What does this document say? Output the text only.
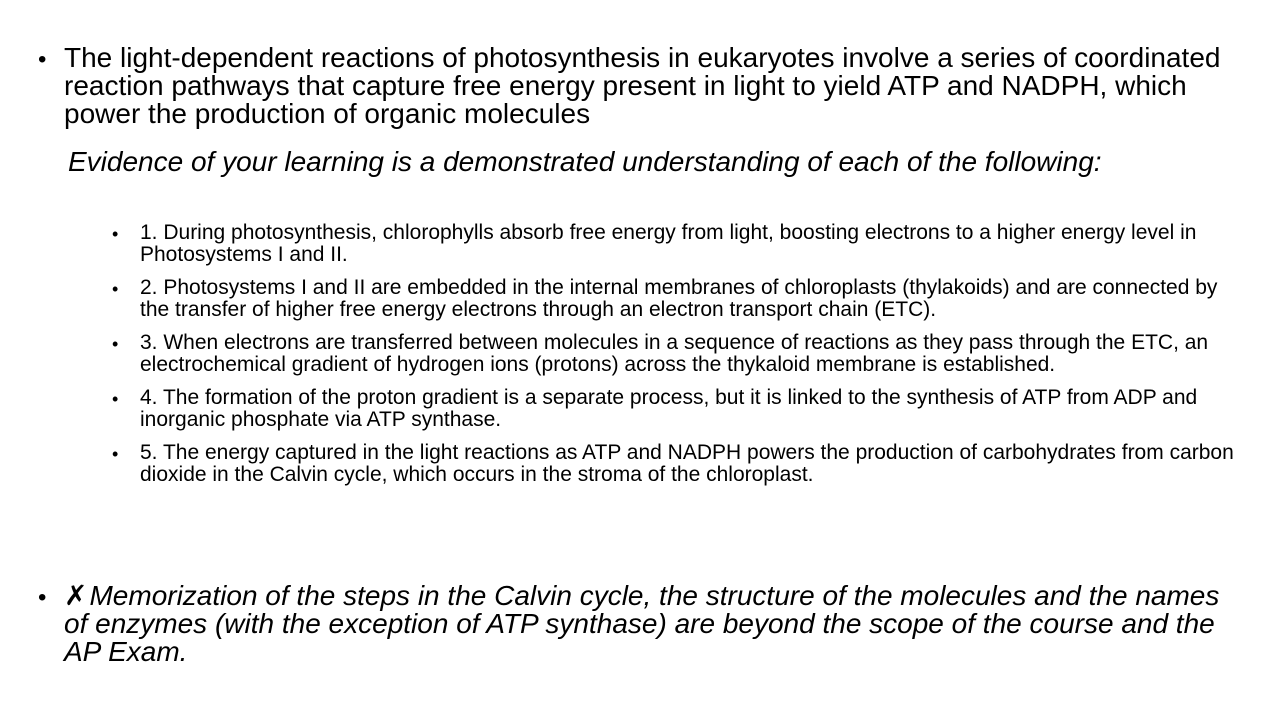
• The light-dependent reactions of photosynthesis in eukaryotes involve a series of coordinated reaction pathways that capture free energy present in light to yield ATP and NADPH, which power the production of organic molecules
Evidence of your learning is a demonstrated understanding of each of the following:
•	1. During photosynthesis, chlorophylls absorb free energy from light, boosting electrons to a higher energy level in Photosystems I and II.
•	2. Photosystems I and II are embedded in the internal membranes of chloroplasts (thylakoids) and are connected by the transfer of higher free energy electrons through an electron transport chain (ETC).
•	3. When electrons are transferred between molecules in a sequence of reactions as they pass through the ETC, an electrochemical gradient of hydrogen ions (protons) across the thykaloid membrane is established.
•	4. The formation of the proton gradient is a separate process, but it is linked to the synthesis of ATP from ADP and inorganic phosphate via ATP synthase.
•	5. The energy captured in the light reactions as ATP and NADPH powers the production of carbohydrates from carbon dioxide in the Calvin cycle, which occurs in the stroma of the chloroplast.
• ✗Memorization of the steps in the Calvin cycle, the structure of the molecules and the names of enzymes (with the exception of ATP synthase) are beyond the scope of the course and the AP Exam.
